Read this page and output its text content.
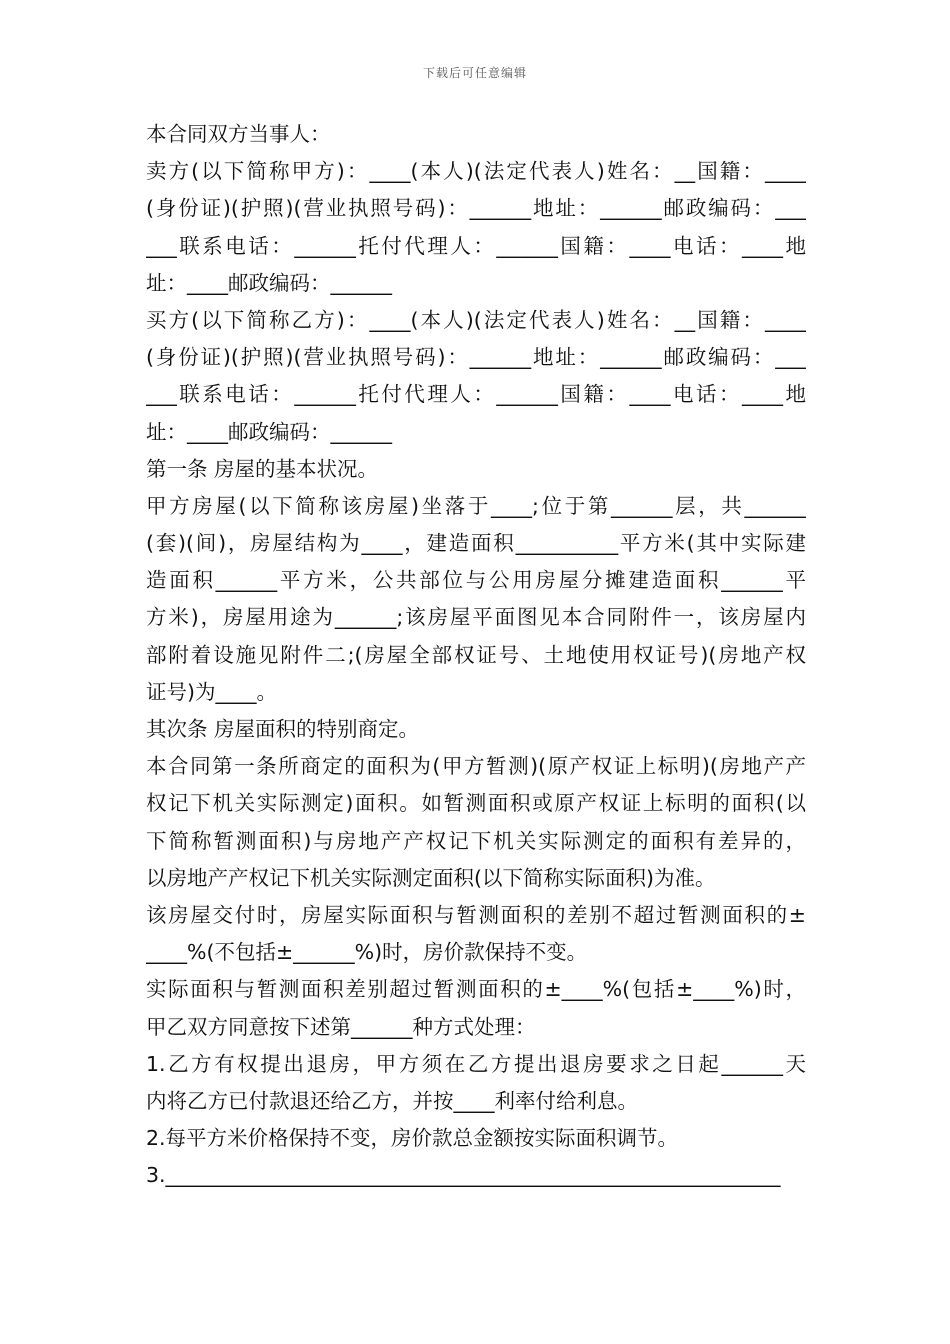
下载后可任意编辑
本合同双方当事人：
卖方(以下简称甲方)：____(本人)(法定代表人)姓名：__国籍：____
(身份证)(护照)(营业执照号码)：______地址：______邮政编码：___
___联系电话：______托付代理人：______国籍：____电话：____地
址：____邮政编码：______
买方(以下简称乙方)：____(本人)(法定代表人)姓名：__国籍：____
(身份证)(护照)(营业执照号码)：______地址：______邮政编码：___
___联系电话：______托付代理人：______国籍：____电话：____地
址：____邮政编码：______
第一条 房屋的基本状况。
甲方房屋(以下简称该房屋)坐落于____;位于第______层，共______
(套)(间)，房屋结构为____，建造面积__________平方米(其中实际建
造面积______平方米，公共部位与公用房屋分摊建造面积______平
方米)，房屋用途为______;该房屋平面图见本合同附件一，该房屋内
部附着设施见附件二;(房屋全部权证号、土地使用权证号)(房地产权
证号)为____。
其次条 房屋面积的特别商定。
本合同第一条所商定的面积为(甲方暂测)(原产权证上标明)(房地产产
权记下机关实际测定)面积。如暂测面积或原产权证上标明的面积(以
下简称暂测面积)与房地产产权记下机关实际测定的面积有差异的，
以房地产产权记下机关实际测定面积(以下简称实际面积)为准。
该房屋交付时，房屋实际面积与暂测面积的差别不超过暂测面积的±
____%(不包括±______%)时，房价款保持不变。
实际面积与暂测面积差别超过暂测面积的±____%(包括±____%)时，
甲乙双方同意按下述第______种方式处理：
1.乙方有权提出退房，甲方须在乙方提出退房要求之日起______天
内将乙方已付款退还给乙方，并按____利率付给利息。
2.每平方米价格保持不变，房价款总金额按实际面积调节。
3.____________________________________________________________
